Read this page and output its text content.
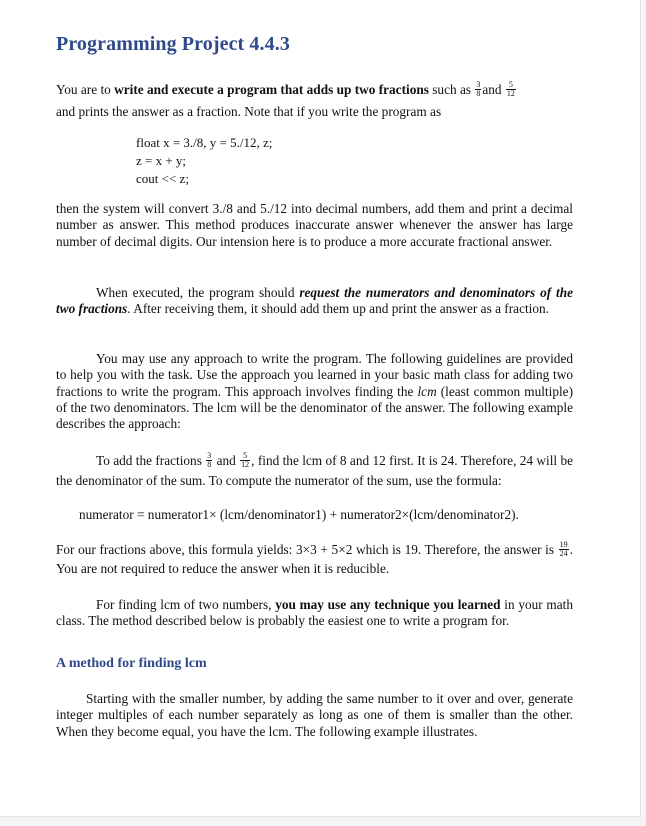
Programming Project 4.4.3
You are to write and execute a program that adds up two fractions such as $\frac{3}{8}$ and $\frac{5}{12}$
and prints the answer as a fraction. Note that if you write the program as
float x = 3./8, y = 5./12, z;
z = x + y;
cout << z;
then the system will convert 3./8 and 5./12 into decimal numbers, add them and print a decimal number as answer. This method produces inaccurate answer whenever the answer has large number of decimal digits. Our intension here is to produce a more accurate fractional answer.
When executed, the program should request the numerators and denominators of the two fractions. After receiving them, it should add them up and print the answer as a fraction.
You may use any approach to write the program. The following guidelines are provided to help you with the task. Use the approach you learned in your basic math class for adding two fractions to write the program. This approach involves finding the lcm (least common multiple) of the two denominators. The lcm will be the denominator of the answer. The following example describes the approach:
To add the fractions $\frac{3}{8}$ and $\frac{5}{12}$ , find the lcm of 8 and 12 first. It is 24. Therefore, 24 will be the denominator of the sum. To compute the numerator of the sum, use the formula:
numerator = numerator1× (lcm/denominator1) + numerator2×(lcm/denominator2).
For our fractions above, this formula yields: 3×3 + 5×2 which is 19. Therefore, the answer is $\frac{19}{24}$ . You are not required to reduce the answer when it is reducible.
For finding lcm of two numbers, you may use any technique you learned in your math class. The method described below is probably the easiest one to write a program for.
A method for finding lcm
Starting with the smaller number, by adding the same number to it over and over, generate integer multiples of each number separately as long as one of them is smaller than the other. When they become equal, you have the lcm. The following example illustrates.
